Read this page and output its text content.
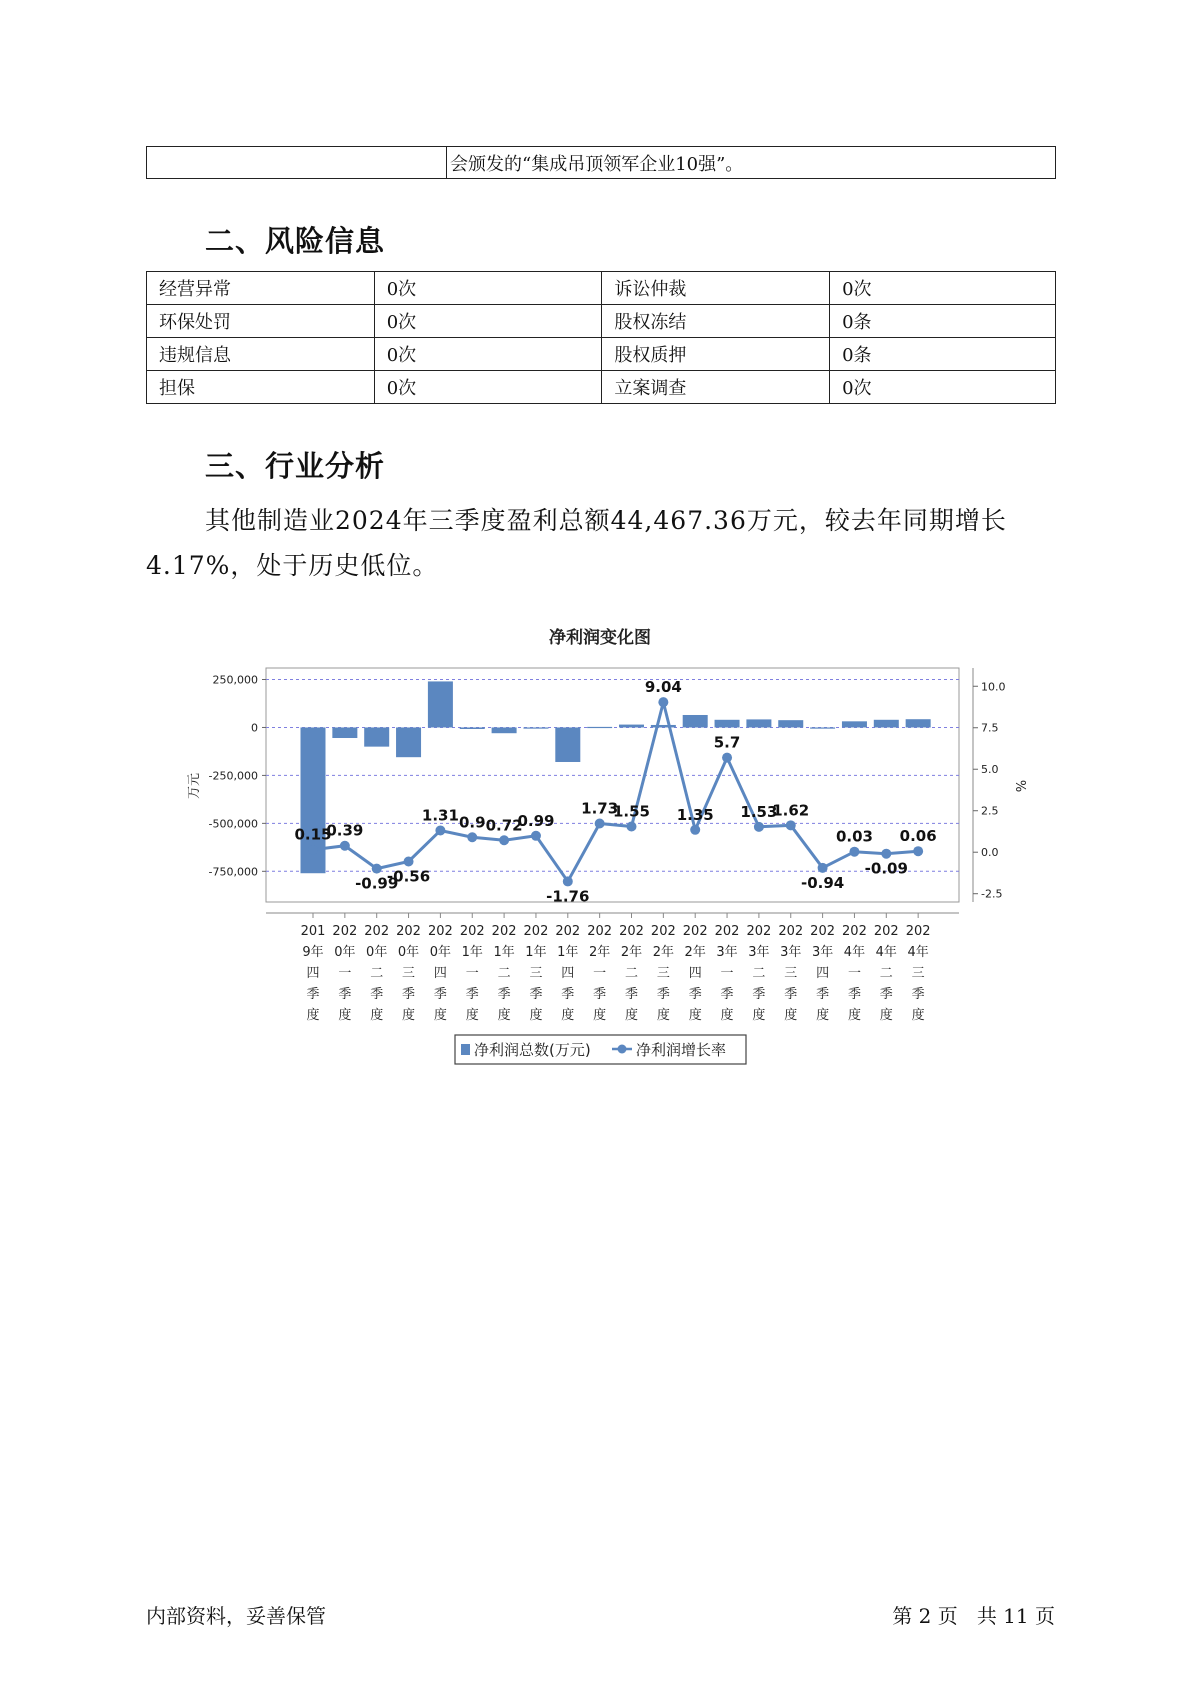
	会颁发的“集成吊顶领军企业10强”。
二、风险信息
经营异常	0次	诉讼仲裁	0次
环保处罚	0次	股权冻结	0条
违规信息	0次	股权质押	0条
担保	0次	立案调查	0次
三、行业分析
其他制造业2024年三季度盈利总额44,467.36万元，较去年同期增长
4.17%，处于历史低位。
净利润变化图
万元	%
250,000
0
-250,000
-500,000
-750,000
10.0
7.5
5.0
2.5
0.0
-2.5
0.15
0.39
-0.99
-0.56
1.31 0.9 0.72
0.99
-1.76
1.73
1.55
9.04
1.35
5.7
1.53
1.62
-0.94
0.03
-0.09
0.06
201
9年
四
季
度
202
0年
一
季
度
202
0年
二
季
度
202
0年
三
季
度
202
0年
四
季
度
202
1年
一
季
度
202
1年
二
季
度
202
1年
三
季
度
202
1年
四
季
度
202
2年
一
季
度
202
2年
二
季
度
202
2年
三
季
度
202
2年
四
季
度
202
3年
一
季
度
202
3年
二
季
度
202
3年
三
季
度
202
3年
四
季
度
202
4年
一
季
度
202
4年
二
季
度
202
4年
三
季
度
净利润总数(万元)	净利润增长率
内部资料，妥善保管	第 2 页   共 11 页
